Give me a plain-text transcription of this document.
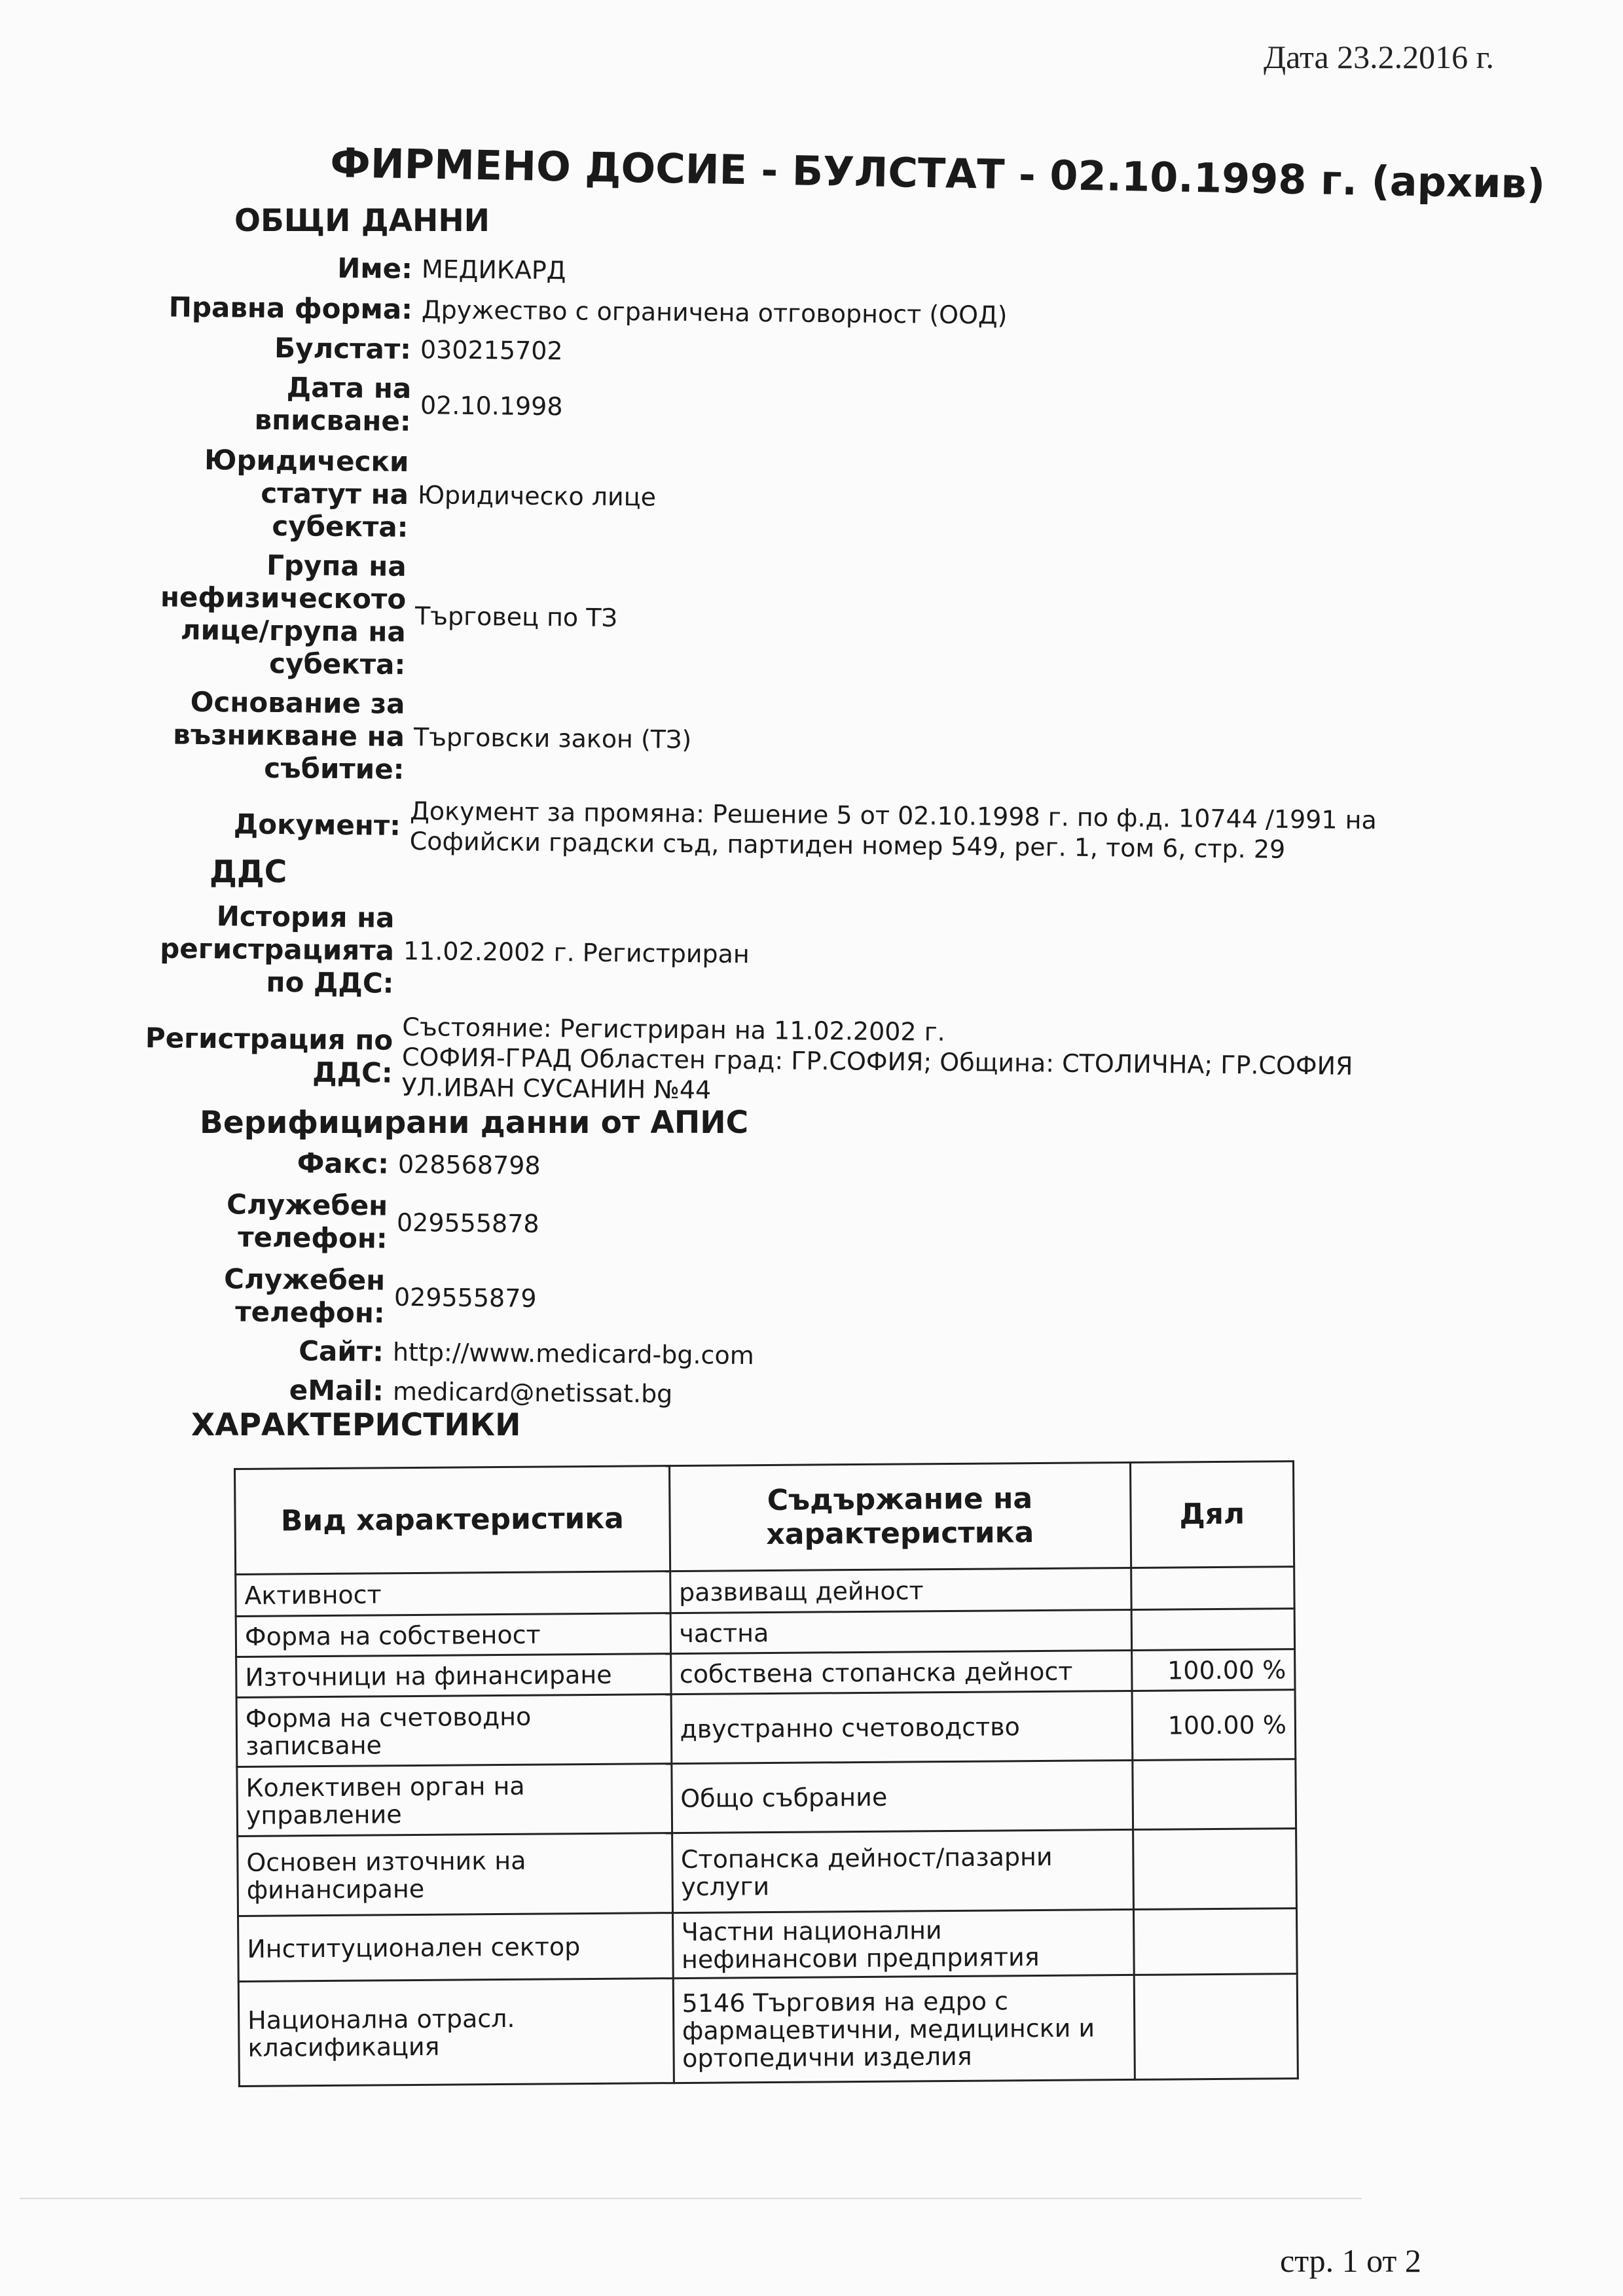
Дата 23.2.2016 г.
ФИРМЕНО ДОСИЕ - БУЛСТАТ - 02.10.1998 г. (архив)
ОБЩИ ДАННИ
Име: МЕДИКАРД
Правна форма: Дружество с ограничена отговорност (ООД)
Булстат: 030215702
Дата на
вписване: 02.10.1998
Юридически
статут на
субекта:
Юридическо лице
Група на
нефизическото
лице/група на
субекта:
Търговец по ТЗ
Основание за
възникване на
събитие:
Търговски закон (ТЗ)
Документ: Документ за промяна: Решение 5 от 02.10.1998 г. по ф.д. 10744 /1991 на
Софийски градски съд, партиден номер 549, рег. 1, том 6, стр. 29
ДДС
История на
регистрацията
по ДДС:
11.02.2002 г. Регистриран
Регистрация по
ДДС:
Състояние: Регистриран на 11.02.2002 г.
СОФИЯ-ГРАД Областен град: ГР.СОФИЯ; Община: СТОЛИЧНА; ГР.СОФИЯ
УЛ.ИВАН СУСАНИН №44
Верифицирани данни от АПИС
Факс: 028568798
Служебен
телефон: 029555878
Служебен
телефон: 029555879
Сайт: http://www.medicard-bg.com
eMail: medicard@netissat.bg
ХАРАКТЕРИСТИКИ
Вид характеристика	Съдържание на характеристика	Дял
Активност	развиващ дейност	
Форма на собственост	частна	
Източници на финансиране	собствена стопанска дейност	100.00 %
Форма на счетоводно записване	двустранно счетоводство	100.00 %
Колективен орган на управление	Общо събрание	
Основен източник на финансиране	Стопанска дейност/пазарни услуги	
Институционален сектор	Частни национални нефинансови предприятия	
Национална отрасл. класификация	5146 Търговия на едро с фармацевтични, медицински и ортопедични изделия	
стр. 1 от 2
